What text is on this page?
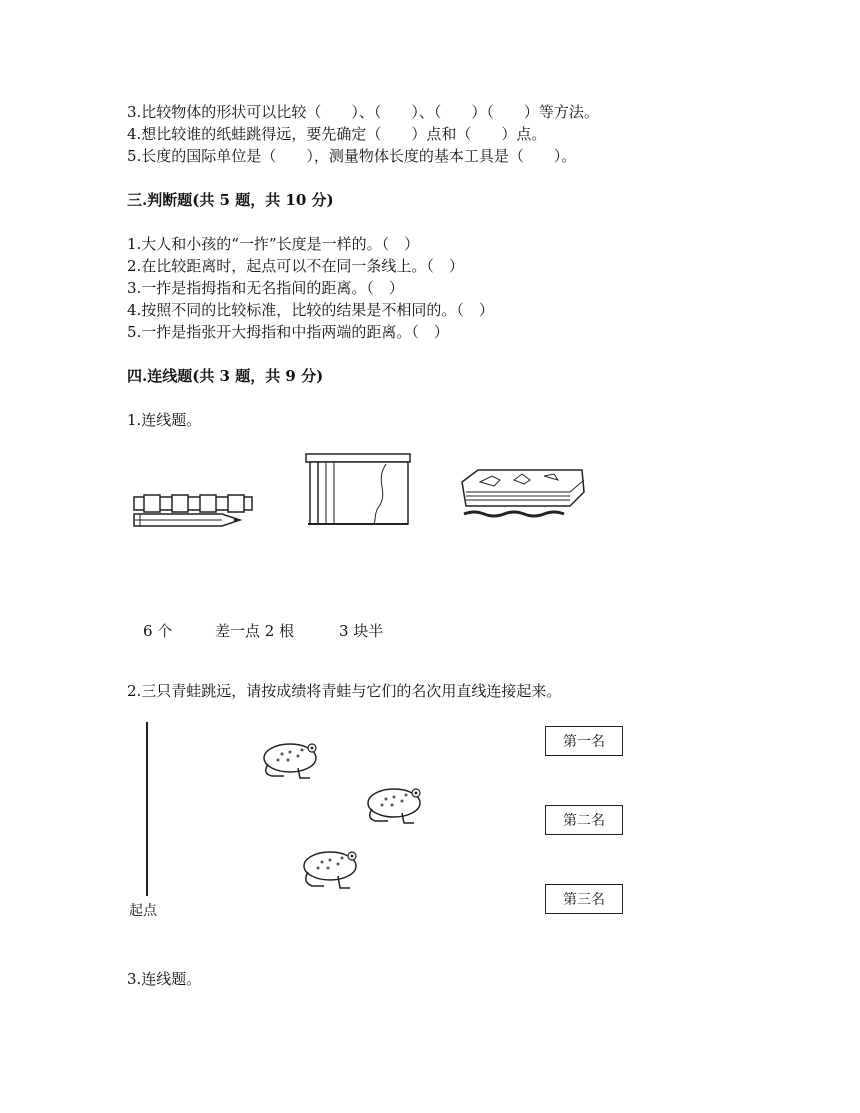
3.比较物体的形状可以比较（　　）、（　　）、（　　）（　　）等方法。
4.想比较谁的纸蛙跳得远，要先确定（　　）点和（　　）点。
5.长度的国际单位是（　　），测量物体长度的基本工具是（　　）。
三.判断题(共 5 题，共 10 分)
1.大人和小孩的“一拃”长度是一样的。（　）
2.在比较距离时，起点可以不在同一条线上。（　）
3.一拃是指拇指和无名指间的距离。（　）
4.按照不同的比较标准，比较的结果是不相同的。（　）
5.一拃是指张开大拇指和中指两端的距离。（　）
四.连线题(共 3 题，共 9 分)
1.连线题。
6 个	差一点 2 根	3 块半
2.三只青蛙跳远，请按成绩将青蛙与它们的名次用直线连接起来。
起点
第一名
第二名
第三名
3.连线题。
